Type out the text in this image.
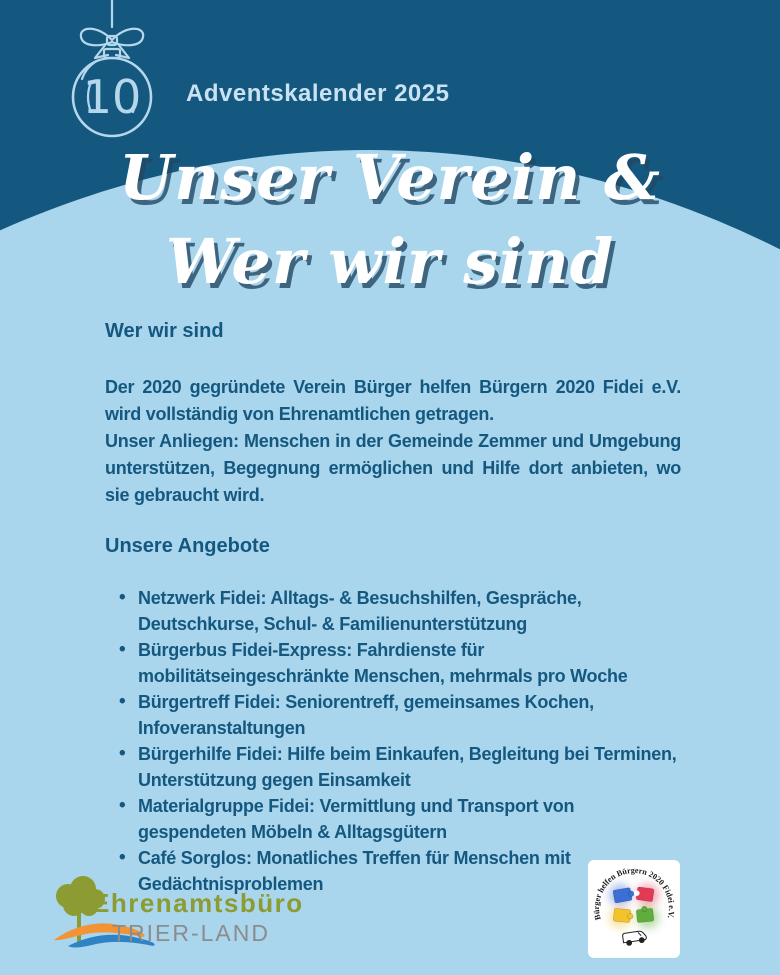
10 Adventskalender 2025
Unser Verein &
Wer wir sind
Wer wir sind

Der 2020 gegründete Verein Bürger helfen Bürgern 2020 Fidei e.V. wird vollständig von Ehrenamtlichen getragen.

Unser Anliegen: Menschen in der Gemeinde Zemmer und Umgebung unterstützen, Begegnung ermöglichen und Hilfe dort anbieten, wo sie gebraucht wird.

Unsere Angebote
• Netzwerk Fidei: Alltags- & Besuchshilfen, Gespräche, Deutschkurse, Schul- & Familienunterstützung
• Bürgerbus Fidei-Express: Fahrdienste für mobilitätseingeschränkte Menschen, mehrmals pro Woche
• Bürgertreff Fidei: Seniorentreff, gemeinsames Kochen, Infoveranstaltungen
• Bürgerhilfe Fidei: Hilfe beim Einkaufen, Begleitung bei Terminen, Unterstützung gegen Einsamkeit
• Materialgruppe Fidei: Vermittlung und Transport von gespendeten Möbeln & Alltagsgütern
• Café Sorglos: Monatliches Treffen für Menschen mit Gedächtnisproblemen
Ehrenamtsbüro
TRIER-LAND
Bürger helfen Bürgern 2020 Fidei e.V.
